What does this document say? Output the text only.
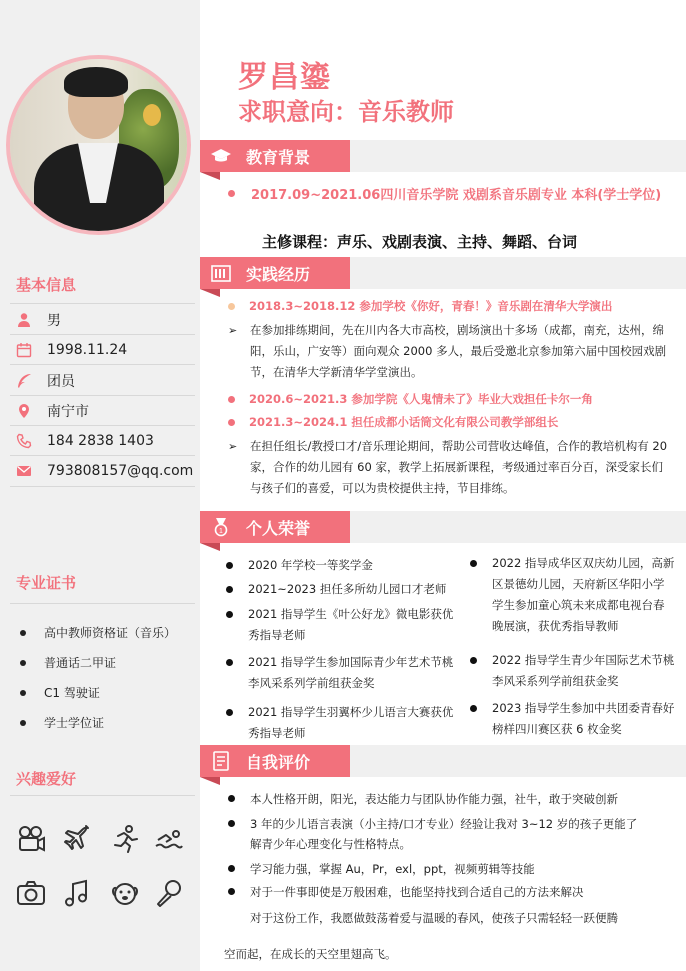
基本信息
男
1998.11.24
团员
南宁市
184 2838 1403
793808157@qq.com
专业证书
高中教师资格证（音乐）
普通话二甲证
C1 驾驶证
学士学位证
兴趣爱好
罗昌鎏
求职意向：音乐教师
教育背景
2017.09~2021.06四川音乐学院 戏剧系音乐剧专业 本科(学士学位)
主修课程：声乐、戏剧表演、主持、舞蹈、台词
实践经历
2018.3~2018.12 参加学校《你好，青春！》音乐剧在清华大学演出
➢ 在参加排练期间，先在川内各大市高校，剧场演出十多场（成都，南充，达州，绵阳，乐山，广安等）面向观众 2000 多人，最后受邀北京参加第六届中国校园戏剧节，在清华大学新清华学堂演出。
2020.6~2021.3 参加学院《人鬼情未了》毕业大戏担任卡尔一角
2021.3~2024.1 担任成都小话筒文化有限公司教学部组长
➢ 在担任组长/教授口才/音乐理论期间，帮助公司营收达峰值，合作的教培机构有 20 家，合作的幼儿园有 60 家，教学上拓展新课程，考级通过率百分百，深受家长们与孩子们的喜爱，可以为贵校提供主持，节目排练。
1 个人荣誉
2020 年学校一等奖学金
2021~2023 担任多所幼儿园口才老师
2021 指导学生《叶公好龙》微电影获优秀指导老师
2021 指导学生参加国际青少年艺术节桃李风采系列学前组获金奖
2021 指导学生羽翼杯少儿语言大赛获优秀指导老师
2022 指导成华区双庆幼儿园，高新区景德幼儿园，天府新区华阳小学学生参加童心筑未来成都电视台春晚展演，获优秀指导教师
2022 指导学生青少年国际艺术节桃李风采系列学前组获金奖
2023 指导学生参加中共团委青春好榜样四川赛区获 6 枚金奖
自我评价
本人性格开朗，阳光，表达能力与团队协作能力强，社牛，敢于突破创新
3 年的少儿语言表演（小主持/口才专业）经验让我对 3~12 岁的孩子更能了解青少年心理变化与性格特点。
学习能力强，掌握 Au，Pr，exl，ppt，视频剪辑等技能
对于一件事即使是万般困难，也能坚持找到合适自己的方法来解决
对于这份工作，我愿做鼓荡着爱与温暖的春风，使孩子只需轻轻一跃便腾
空而起，在成长的天空里翅高飞。
